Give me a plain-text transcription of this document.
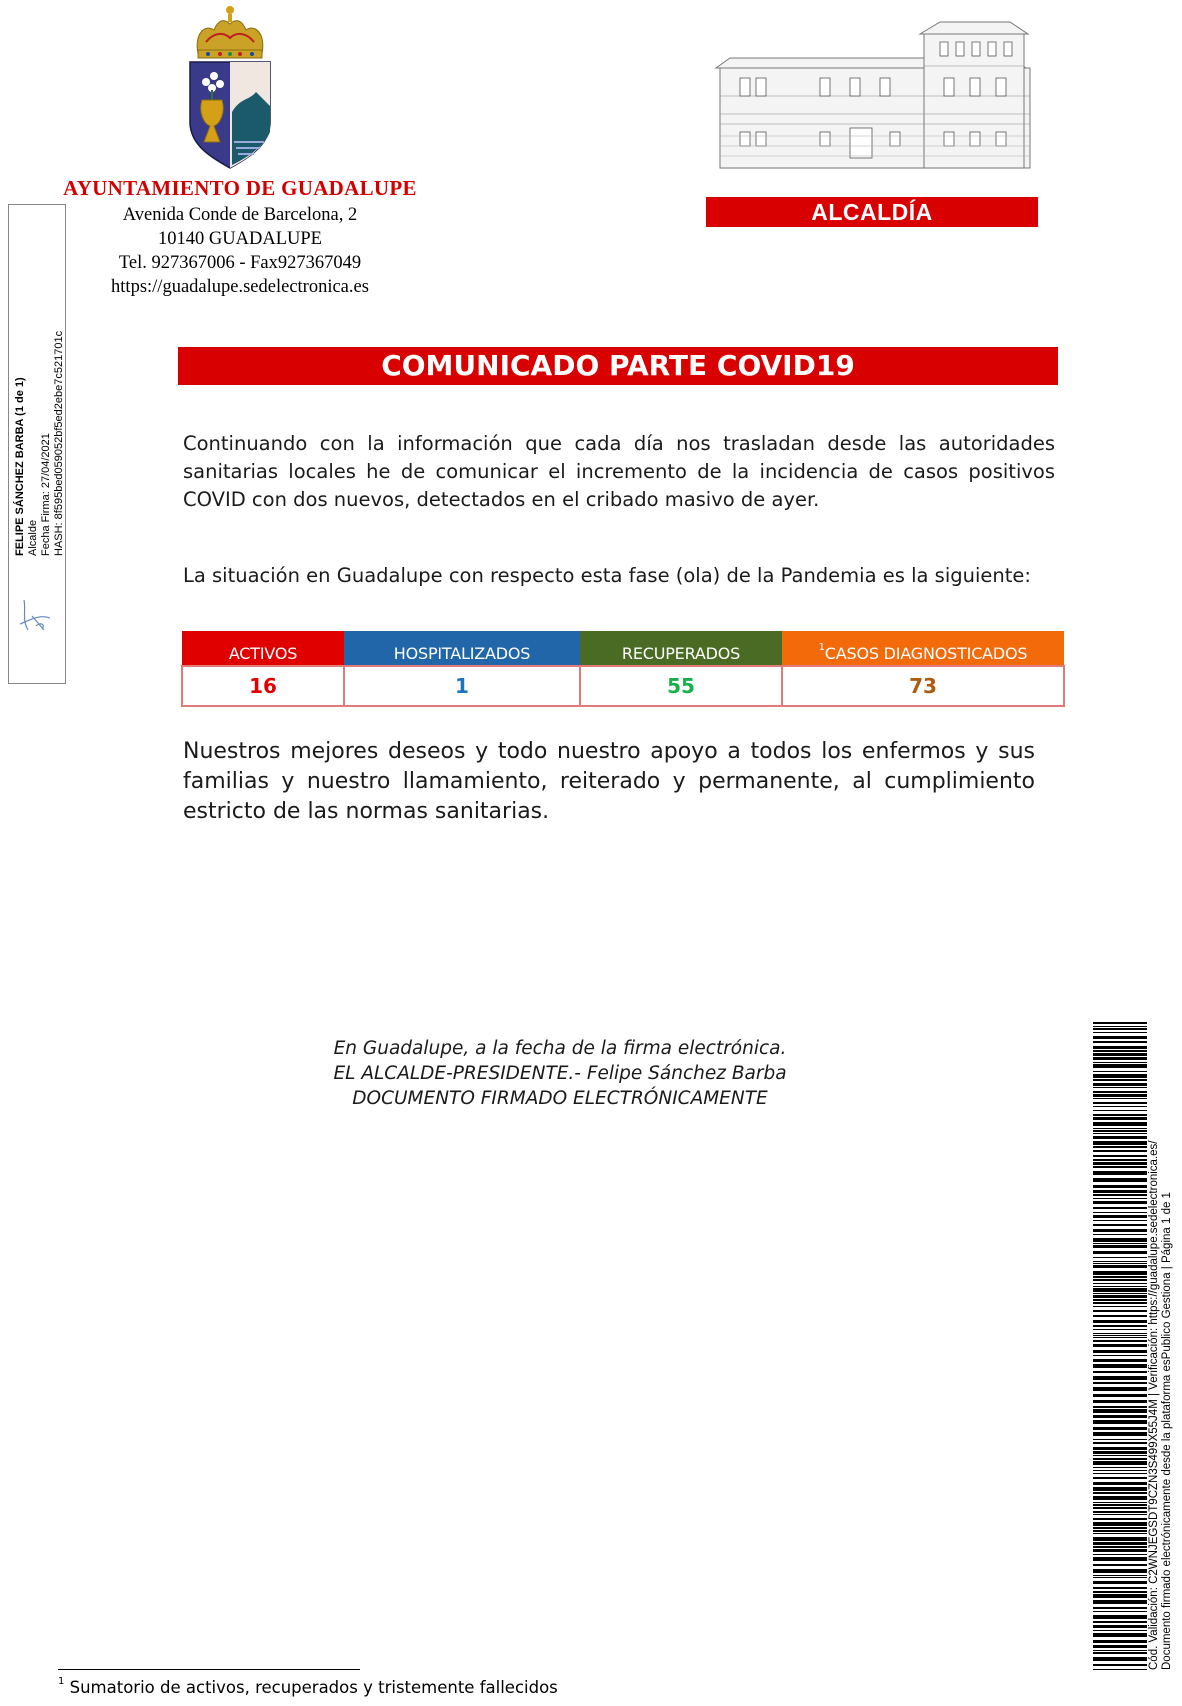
FELIPE SÁNCHEZ BARBA (1 de 1) Alcalde Fecha Firma: 27/04/2021 HASH: 8f595bed059052bf5ed2ebe7c521701c
AYUNTAMIENTO DE GUADALUPE
Avenida Conde de Barcelona, 2
10140 GUADALUPE
Tel. 927367006 - Fax927367049
https://guadalupe.sedelectronica.es
ALCALDÍA
COMUNICADO PARTE COVID19
Continuando con la información que cada día nos trasladan desde las autoridades sanitarias locales he de comunicar el incremento de la incidencia de casos positivos COVID con dos nuevos, detectados en el cribado masivo de ayer.
La situación en Guadalupe con respecto esta fase (ola) de la Pandemia es la siguiente:
ACTIVOS	HOSPITALIZADOS	RECUPERADOS	$^1$CASOS DIAGNOSTICADOS
16	1	55	73
Nuestros mejores deseos y todo nuestro apoyo a todos los enfermos y sus familias y nuestro llamamiento, reiterado y permanente, al cumplimiento estricto de las normas sanitarias.
En Guadalupe, a la fecha de la firma electrónica.
EL ALCALDE-PRESIDENTE.- Felipe Sánchez Barba
DOCUMENTO FIRMADO ELECTRÓNICAMENTE
Cód. Validación: C2WNJEGSDT9CZN3S499X55J4M | Verificación: https://guadalupe.sedelectronica.es/ Documento firmado electrónicamente desde la plataforma esPublico Gestiona | Página 1 de 1
$^1$ Sumatorio de activos, recuperados y tristemente fallecidos
